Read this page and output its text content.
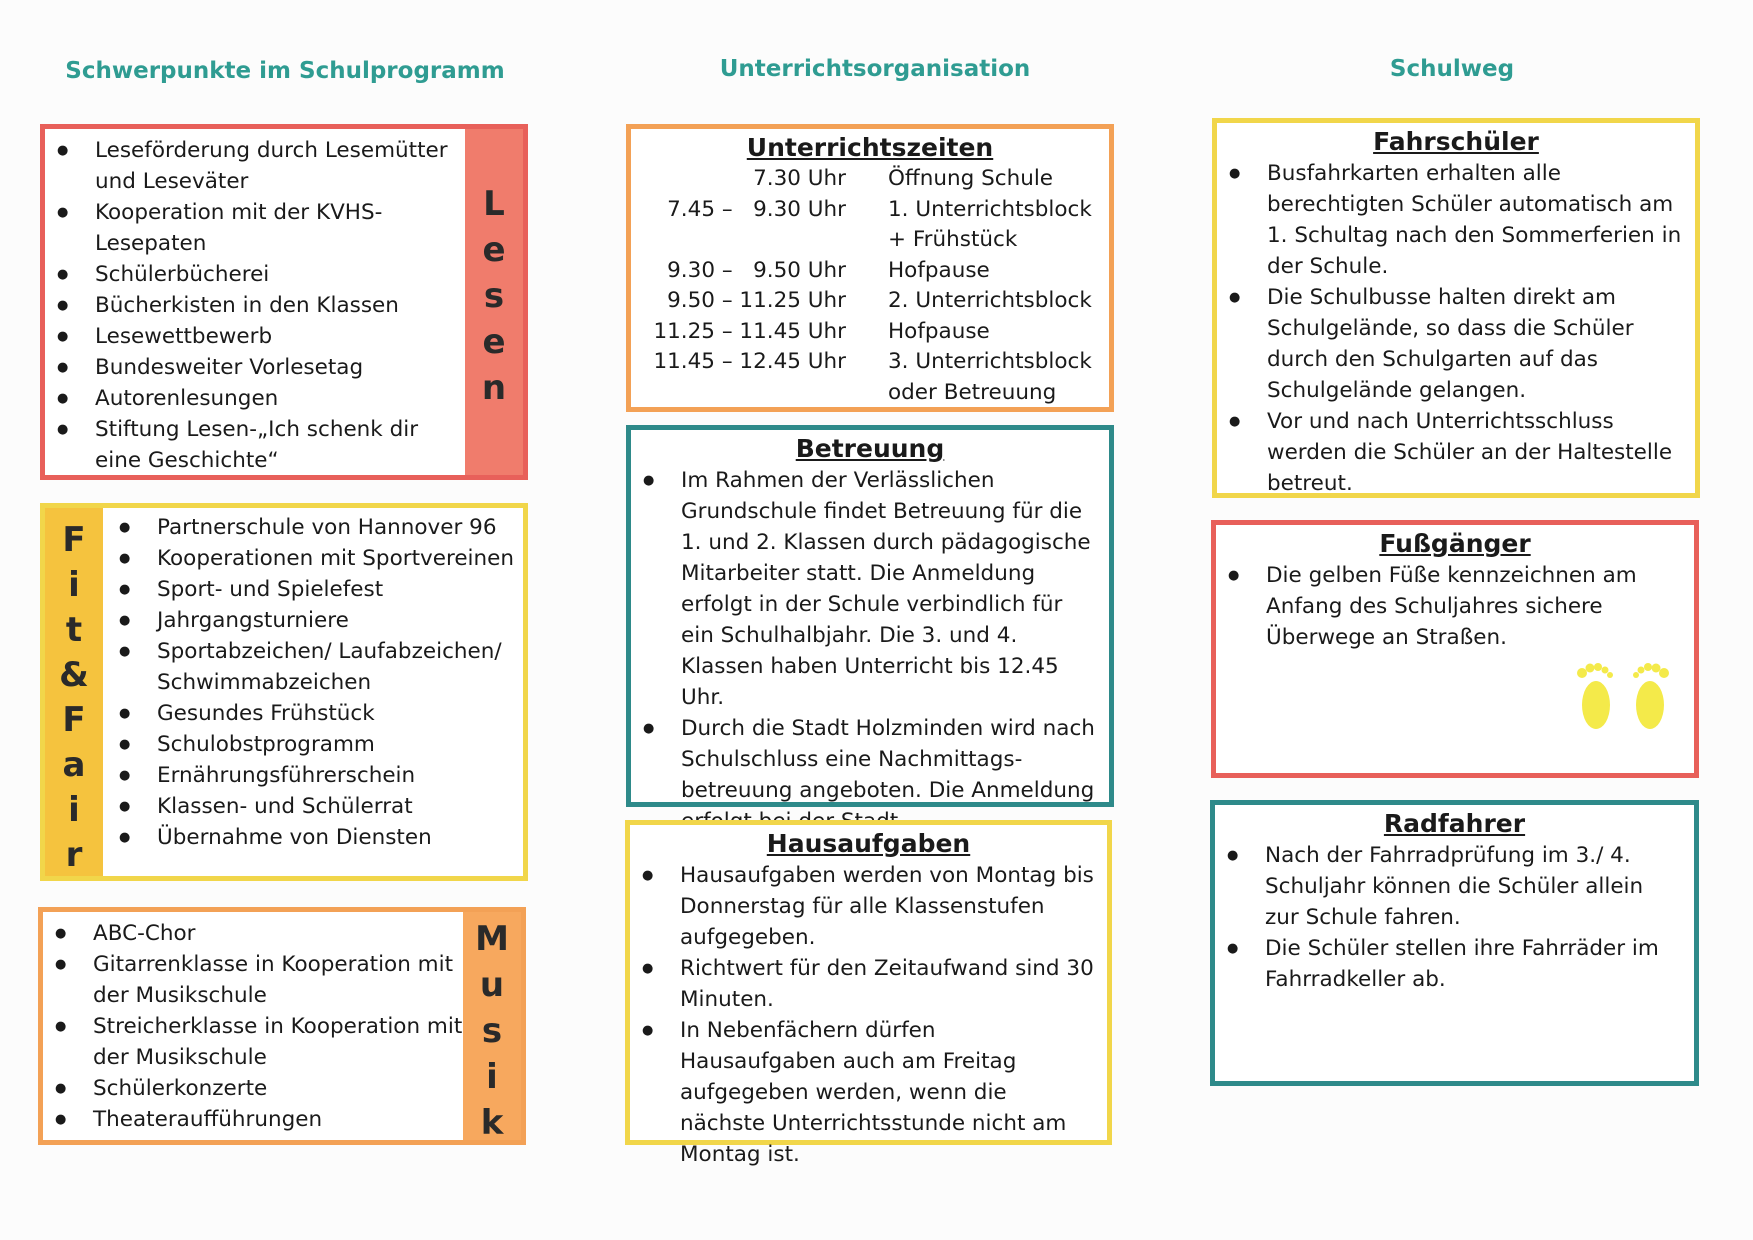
Schwerpunkte im Schulprogramm	Unterrichtsorganisation	Schulweg
● Leseförderung durch Lesemütter und Leseväter
● Kooperation mit der KVHS-Lesepaten
● Schülerbücherei
● Bücherkisten in den Klassen
● Lesewettbewerb
● Bundesweiter Vorlesetag
● Autorenlesungen
● Stiftung Lesen-„Ich schenk dir eine Geschichte“
L
e
s
e
n
F
i
t
&
F
a
i
r
● Partnerschule von Hannover 96
● Kooperationen mit Sportvereinen
● Sport- und Spielefest
● Jahrgangsturniere
● Sportabzeichen/ Laufabzeichen/ Schwimmabzeichen
● Gesundes Frühstück
● Schulobstprogramm
● Ernährungsführerschein
● Klassen- und Schülerrat
● Übernahme von Diensten
● ABC-Chor
● Gitarrenklasse in Kooperation mit der Musikschule
● Streicherklasse in Kooperation mit der Musikschule
● Schülerkonzerte
● Theateraufführungen
M
u
s
i
k
Unterrichtszeiten
7.30 Uhr Öffnung Schule
7.45 –   9.30 Uhr 1. Unterrichtsblock
+ Frühstück
9.30 –   9.50 Uhr Hofpause
9.50 – 11.25 Uhr 2. Unterrichtsblock
11.25 – 11.45 Uhr Hofpause
11.45 – 12.45 Uhr 3. Unterrichtsblock
oder Betreuung
Betreuung
● Im Rahmen der Verlässlichen Grundschule findet Betreuung für die 1. und 2. Klassen durch pädagogische Mitarbeiter statt. Die Anmeldung erfolgt in der Schule verbindlich für ein Schulhalbjahr. Die 3. und 4. Klassen haben Unterricht bis 12.45 Uhr.
● Durch die Stadt Holzminden wird nach Schulschluss eine Nachmittags-betreuung angeboten. Die Anmeldung
Hausaufgaben
● Hausaufgaben werden von Montag bis Donnerstag für alle Klassenstufen aufgegeben.
● Richtwert für den Zeitaufwand sind 30 Minuten.
● In Nebenfächern dürfen Hausaufgaben auch am Freitag aufgegeben werden, wenn die nächste Unterrichtsstunde nicht am Montag ist.
Fahrschüler
● Busfahrkarten erhalten alle berechtigten Schüler automatisch am 1. Schultag nach den Sommerferien in der Schule.
● Die Schulbusse halten direkt am Schulgelände, so dass die Schüler durch den Schulgarten auf das Schulgelände gelangen.
● Vor und nach Unterrichtsschluss werden die Schüler an der Haltestelle betreut.
Fußgänger
● Die gelben Füße kennzeichnen am Anfang des Schuljahres sichere Überwege an Straßen.
Radfahrer
● Nach der Fahrradprüfung im 3./ 4. Schuljahr können die Schüler allein zur Schule fahren.
● Die Schüler stellen ihre Fahrräder im Fahrradkeller ab.
